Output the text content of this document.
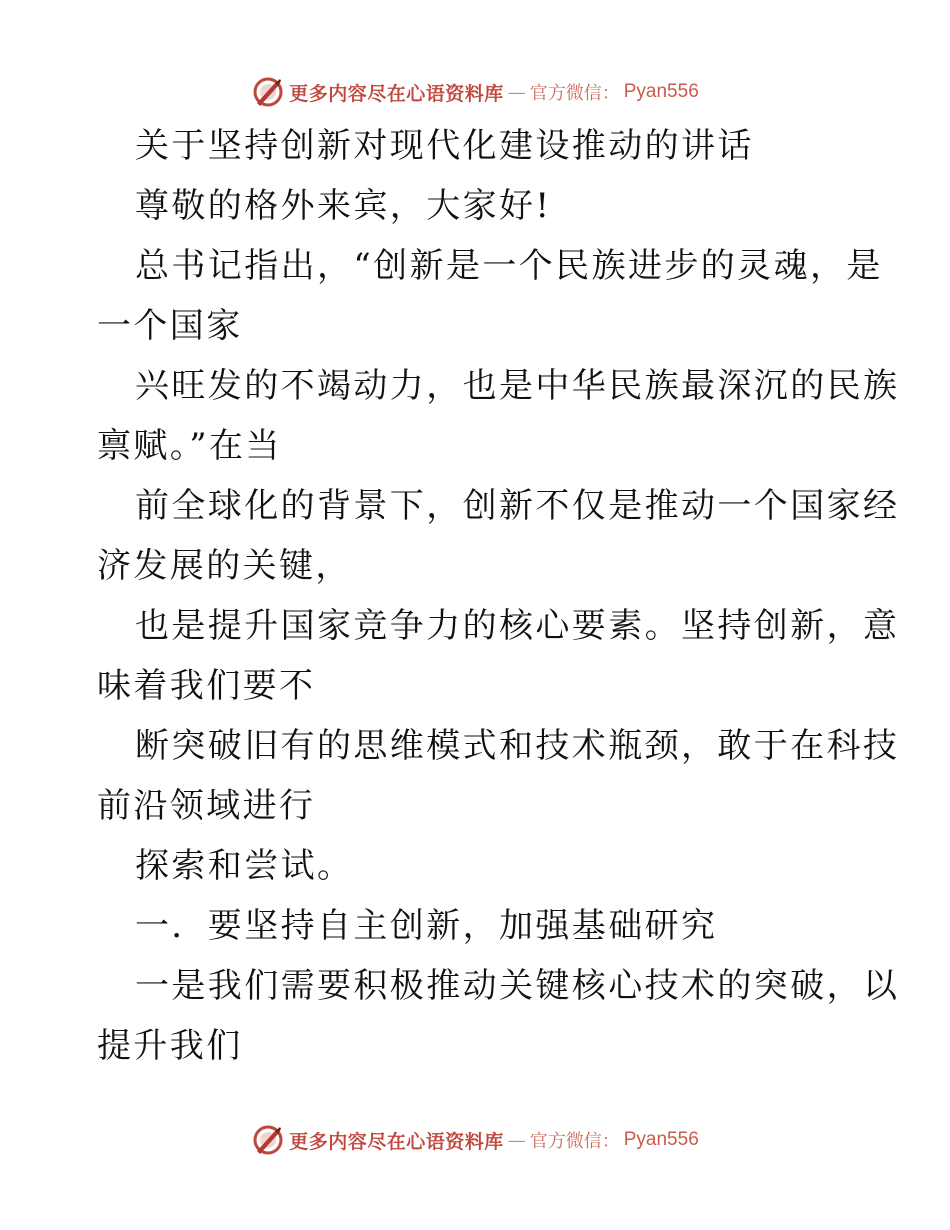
更多内容尽在心语资料库 — 官方微信： Pyan556
关于坚持创新对现代化建设推动的讲话
尊敬的格外来宾，大家好!
总书记指出，“创新是一个民族进步的灵魂，是
一个国家
兴旺发的不竭动力，也是中华民族最深沉的民族
禀赋。”在当
前全球化的背景下，创新不仅是推动一个国家经
济发展的关键，
也是提升国家竞争力的核心要素。坚持创新，意
味着我们要不
断突破旧有的思维模式和技术瓶颈，敢于在科技
前沿领域进行
探索和尝试。
一．要坚持自主创新，加强基础研究
一是我们需要积极推动关键核心技术的突破，以
提升我们
更多内容尽在心语资料库 — 官方微信： Pyan556
